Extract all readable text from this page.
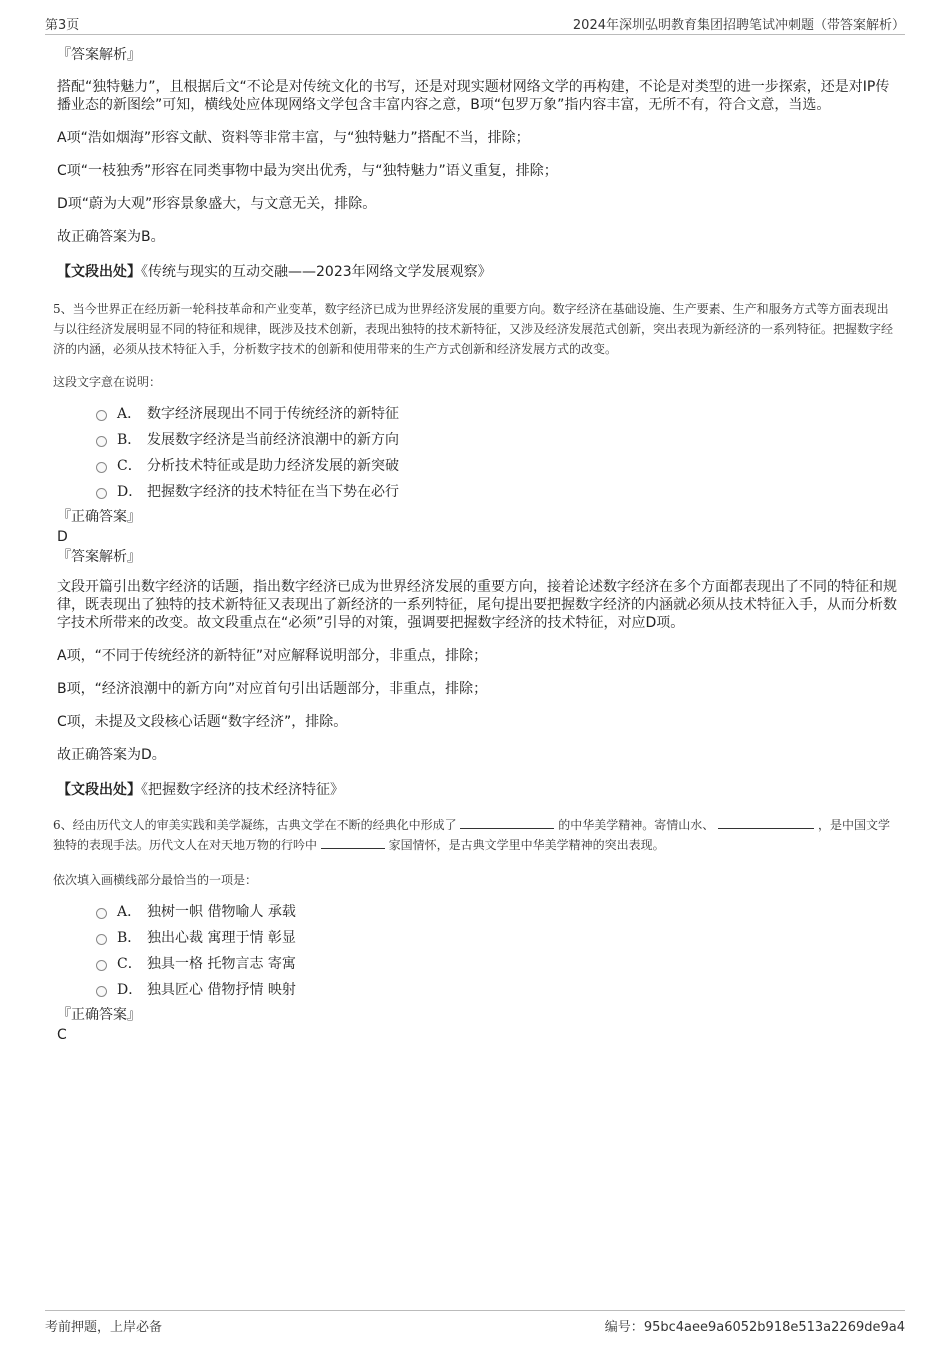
第3页	2024年深圳弘明教育集团招聘笔试冲刺题（带答案解析）

『答案解析』

搭配“独特魅力”，且根据后文“不论是对传统文化的书写，还是对现实题材网络文学的再构建，不论是对类型的进一步探索，还是对IP传播业态的新图绘”可知，横线处应体现网络文学包含丰富内容之意，B项“包罗万象”指内容丰富，无所不有，符合文意，当选。

A项“浩如烟海”形容文献、资料等非常丰富，与“独特魅力”搭配不当，排除；

C项“一枝独秀”形容在同类事物中最为突出优秀，与“独特魅力”语义重复，排除；

D项“蔚为大观”形容景象盛大，与文意无关，排除。

故正确答案为B。

【文段出处】《传统与现实的互动交融——2023年网络文学发展观察》

5、当今世界正在经历新一轮科技革命和产业变革，数字经济已成为世界经济发展的重要方向。数字经济在基础设施、生产要素、生产和服务方式等方面表现出与以往经济发展明显不同的特征和规律，既涉及技术创新，表现出独特的技术新特征，又涉及经济发展范式创新，突出表现为新经济的一系列特征。把握数字经济的内涵，必须从技术特征入手，分析数字技术的创新和使用带来的生产方式创新和经济发展方式的改变。

这段文字意在说明：

A． 数字经济展现出不同于传统经济的新特征
B． 发展数字经济是当前经济浪潮中的新方向
C． 分析技术特征或是助力经济发展的新突破
D． 把握数字经济的技术特征在当下势在必行

『正确答案』

D

『答案解析』

文段开篇引出数字经济的话题，指出数字经济已成为世界经济发展的重要方向，接着论述数字经济在多个方面都表现出了不同的特征和规律，既表现出了独特的技术新特征又表现出了新经济的一系列特征，尾句提出要把握数字经济的内涵就必须从技术特征入手，从而分析数字技术所带来的改变。故文段重点在“必须”引导的对策，强调要把握数字经济的技术特征，对应D项。

A项，“不同于传统经济的新特征”对应解释说明部分，非重点，排除；

B项，“经济浪潮中的新方向”对应首句引出话题部分，非重点，排除；

C项，未提及文段核心话题“数字经济”，排除。

故正确答案为D。

【文段出处】《把握数字经济的技术经济特征》

6、经由历代文人的审美实践和美学凝练，古典文学在不断的经典化中形成了	的中华美学精神。寄情山水、	，是中国文学独特的表现手法。历代文人在对天地万物的行吟中	家国情怀，是古典文学里中华美学精神的突出表现。

依次填入画横线部分最恰当的一项是：

A． 独树一帜 借物喻人 承载
B． 独出心裁 寓理于情 彰显
C． 独具一格 托物言志 寄寓
D． 独具匠心 借物抒情 映射

『正确答案』

C

考前押题，上岸必备	编号：95bc4aee9a6052b918e513a2269de9a4
